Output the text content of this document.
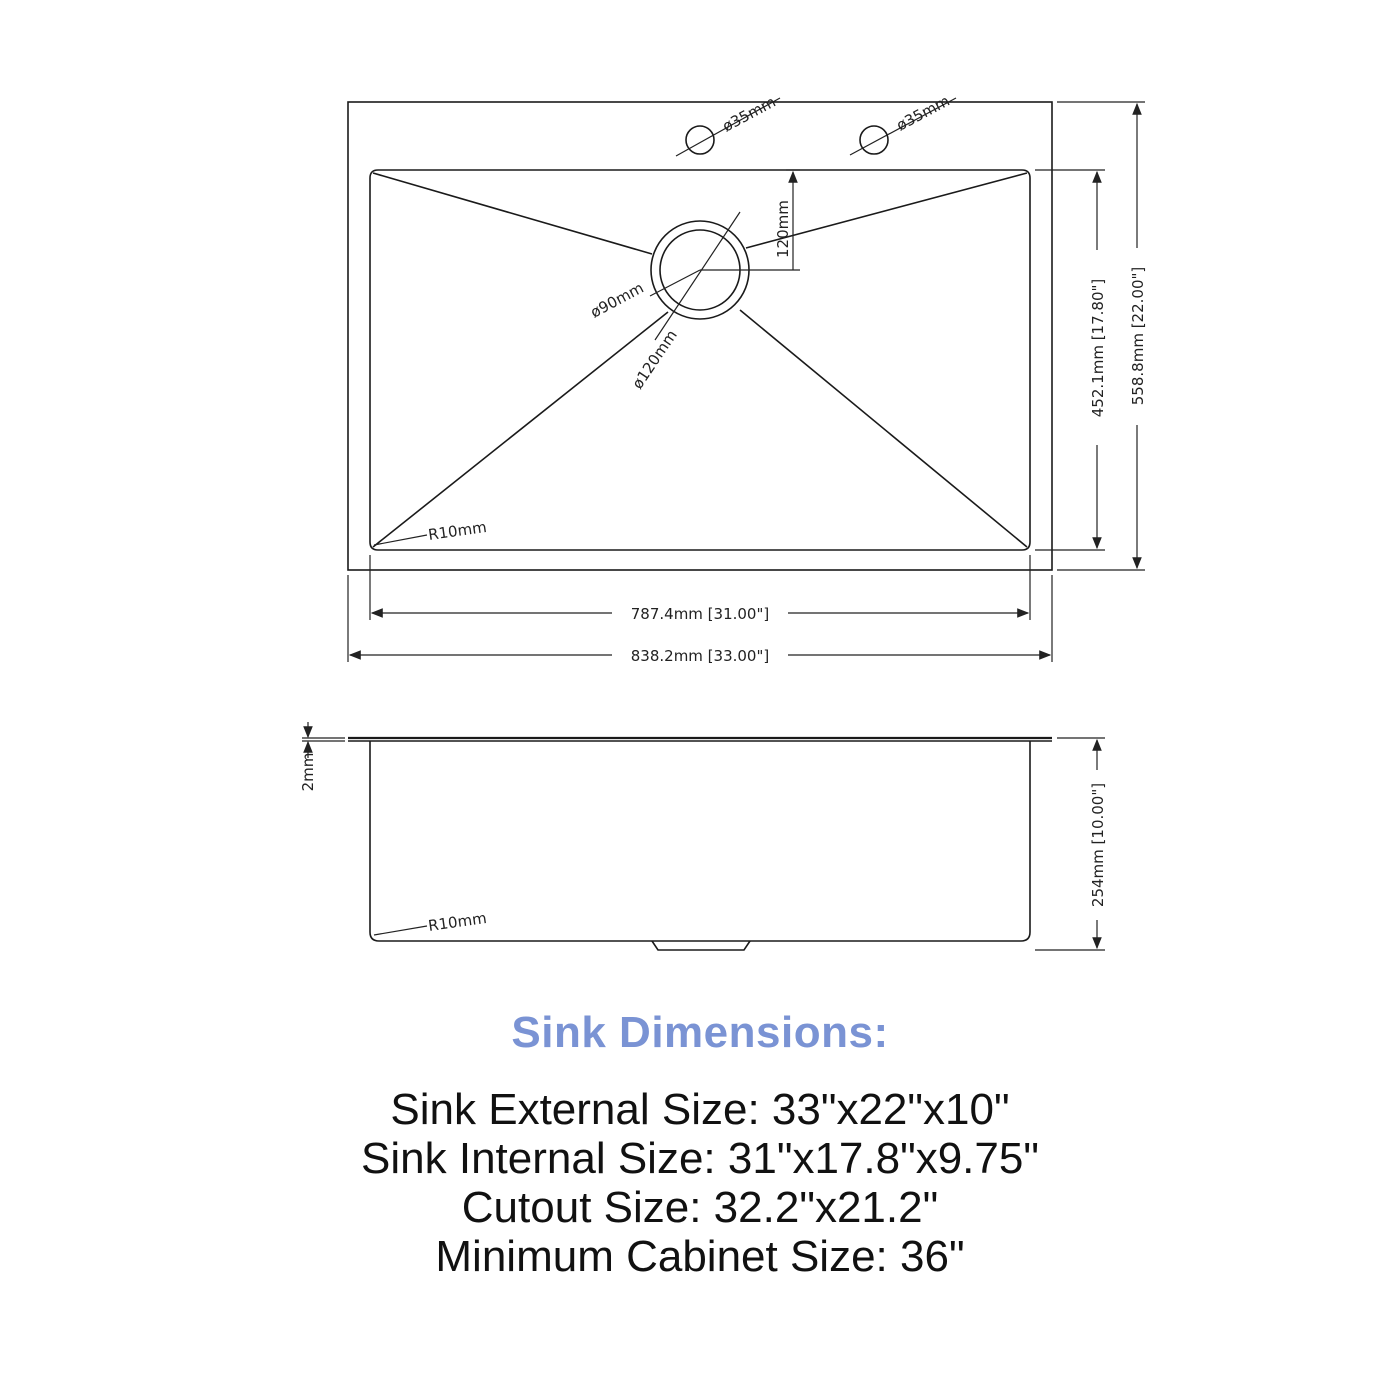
ø35mm	ø35mm
120mm
ø90mm
ø120mm
R10mm
787.4mm [31.00"]
838.2mm [33.00"]
452.1mm [17.80"] 558.8mm [22.00"]
R10mm
2mm
254mm [10.00"]
Sink Dimensions:
Sink External Size: 33"x22"x10"
Sink Internal Size: 31"x17.8"x9.75"
Cutout Size: 32.2"x21.2"
Minimum Cabinet Size: 36"
